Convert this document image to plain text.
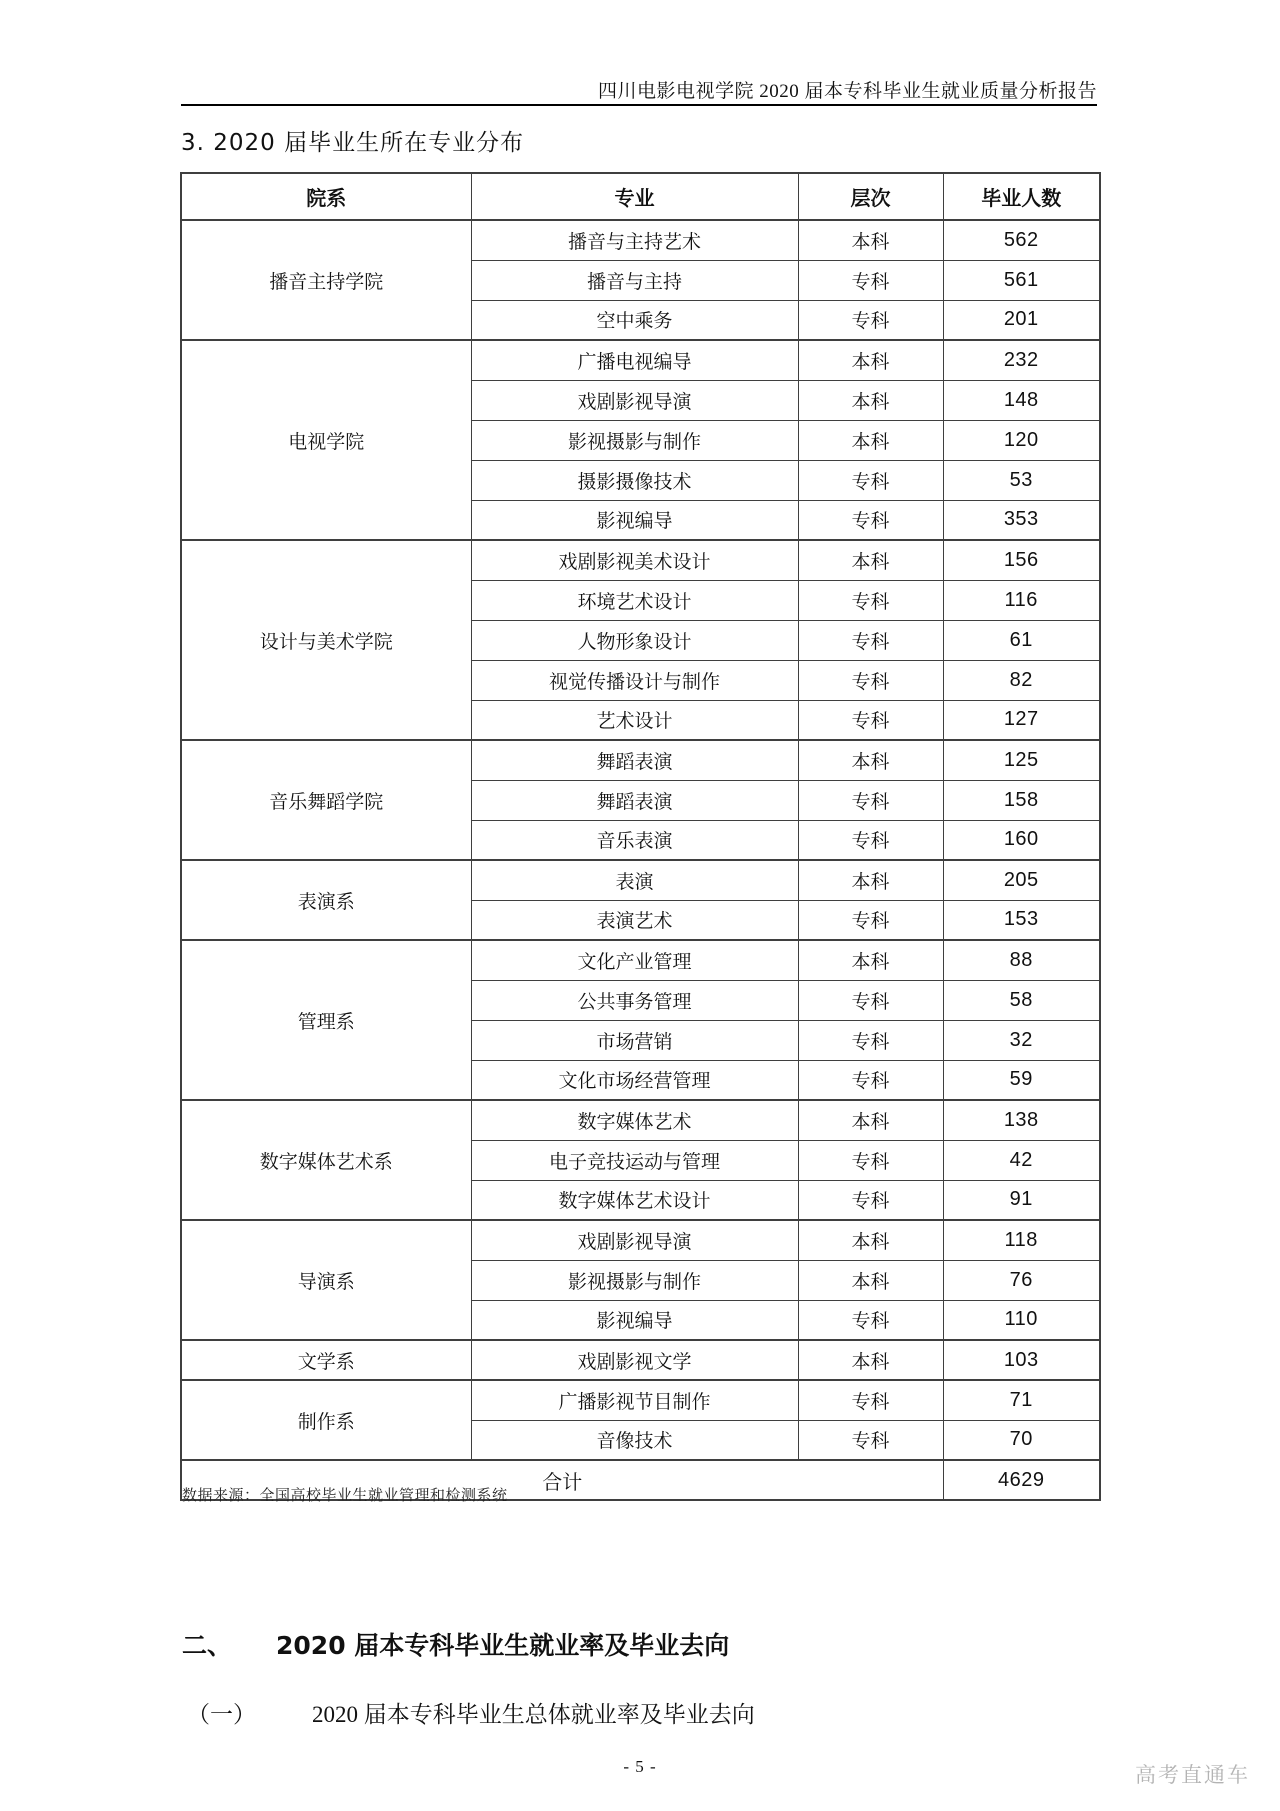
四川电影电视学院 2020 届本专科毕业生就业质量分析报告
3. 2020 届毕业生所在专业分布
院系	专业	层次	毕业人数
播音主持学院	播音与主持艺术	本科	562
	播音与主持	专科	561
	空中乘务	专科	201
电视学院	广播电视编导	本科	232
	戏剧影视导演	本科	148
	影视摄影与制作	本科	120
	摄影摄像技术	专科	53
	影视编导	专科	353
设计与美术学院	戏剧影视美术设计	本科	156
	环境艺术设计	专科	116
	人物形象设计	专科	61
	视觉传播设计与制作	专科	82
	艺术设计	专科	127
音乐舞蹈学院	舞蹈表演	本科	125
	舞蹈表演	专科	158
	音乐表演	专科	160
表演系	表演	本科	205
	表演艺术	专科	153
管理系	文化产业管理	本科	88
	公共事务管理	专科	58
	市场营销	专科	32
	文化市场经营管理	专科	59
数字媒体艺术系	数字媒体艺术	本科	138
	电子竞技运动与管理	专科	42
	数字媒体艺术设计	专科	91
导演系	戏剧影视导演	本科	118
	影视摄影与制作	本科	76
	影视编导	专科	110
文学系	戏剧影视文学	本科	103
制作系	广播影视节目制作	专科	71
	音像技术	专科	70
合计			4629
数据来源：全国高校毕业生就业管理和检测系统
二、 2020 届本专科毕业生就业率及毕业去向
（一） 2020 届本专科毕业生总体就业率及毕业去向
- 5 -	高考直通车
